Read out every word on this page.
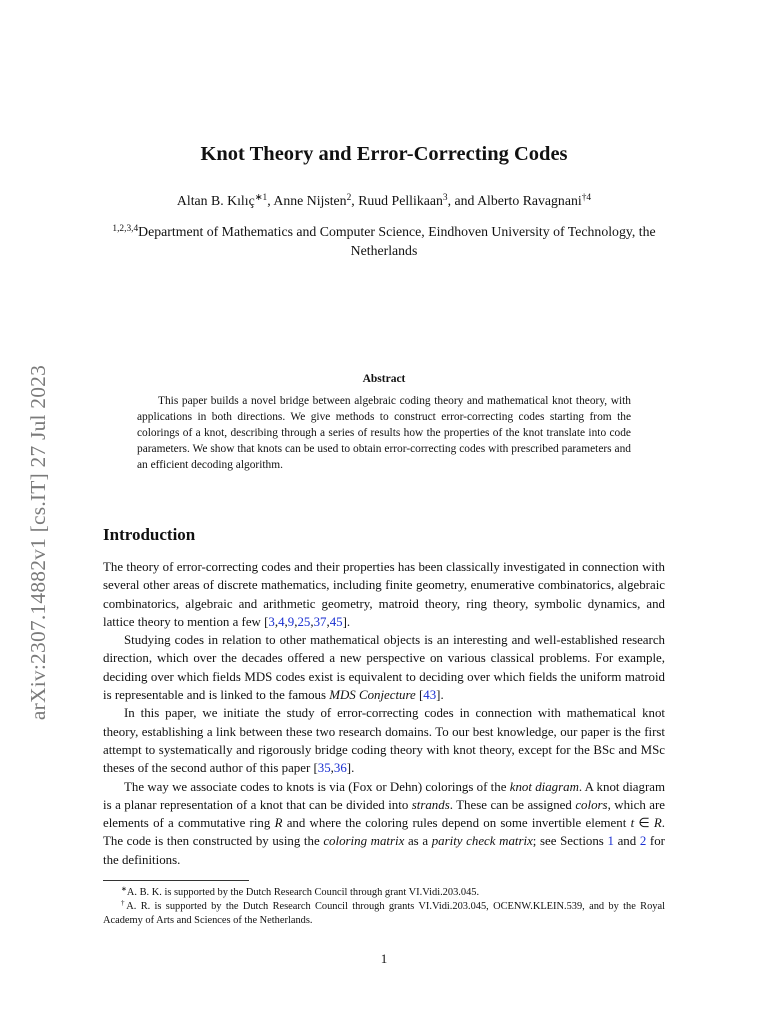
arXiv:2307.14882v1 [cs.IT] 27 Jul 2023
Knot Theory and Error-Correcting Codes
Altan B. Kılıç$^{∗1}$, Anne Nijsten$^2$, Ruud Pellikaan$^3$, and Alberto Ravagnani$^{\dagger 4}$
$^{1,2,3,4}$Department of Mathematics and Computer Science, Eindhoven University of Technology, the Netherlands
Abstract

This paper builds a novel bridge between algebraic coding theory and mathematical knot theory, with applications in both directions. We give methods to construct error-correcting codes starting from the colorings of a knot, describing through a series of results how the properties of the knot translate into code parameters. We show that knots can be used to obtain error-correcting codes with prescribed parameters and an efficient decoding algorithm.

Introduction

The theory of error-correcting codes and their properties has been classically investigated in connection with several other areas of discrete mathematics, including finite geometry, enumerative combinatorics, algebraic combinatorics, algebraic and arithmetic geometry, matroid theory, ring theory, symbolic dynamics, and lattice theory to mention a few [3,4,9,25,37,45].

Studying codes in relation to other mathematical objects is an interesting and well-established research direction, which over the decades offered a new perspective on various classical problems. For example, deciding over which fields MDS codes exist is equivalent to deciding over which fields the uniform matroid is representable and is linked to the famous MDS Conjecture [43].

In this paper, we initiate the study of error-correcting codes in connection with mathematical knot theory, establishing a link between these two research domains. To our best knowledge, our paper is the first attempt to systematically and rigorously bridge coding theory with knot theory, except for the BSc and MSc theses of the second author of this paper [35,36].

The way we associate codes to knots is via (Fox or Dehn) colorings of the knot diagram. A knot diagram is a planar representation of a knot that can be divided into strands. These can be assigned colors, which are elements of a commutative ring R and where the coloring rules depend on some invertible element t ∈ R. The code is then constructed by using the coloring matrix as a parity check matrix; see Sections 1 and 2 for the definitions.

∗A. B. K. is supported by the Dutch Research Council through grant VI.Vidi.203.045.

†A. R. is supported by the Dutch Research Council through grants VI.Vidi.203.045, OCENW.KLEIN.539, and by the Royal Academy of Arts and Sciences of the Netherlands.

1
